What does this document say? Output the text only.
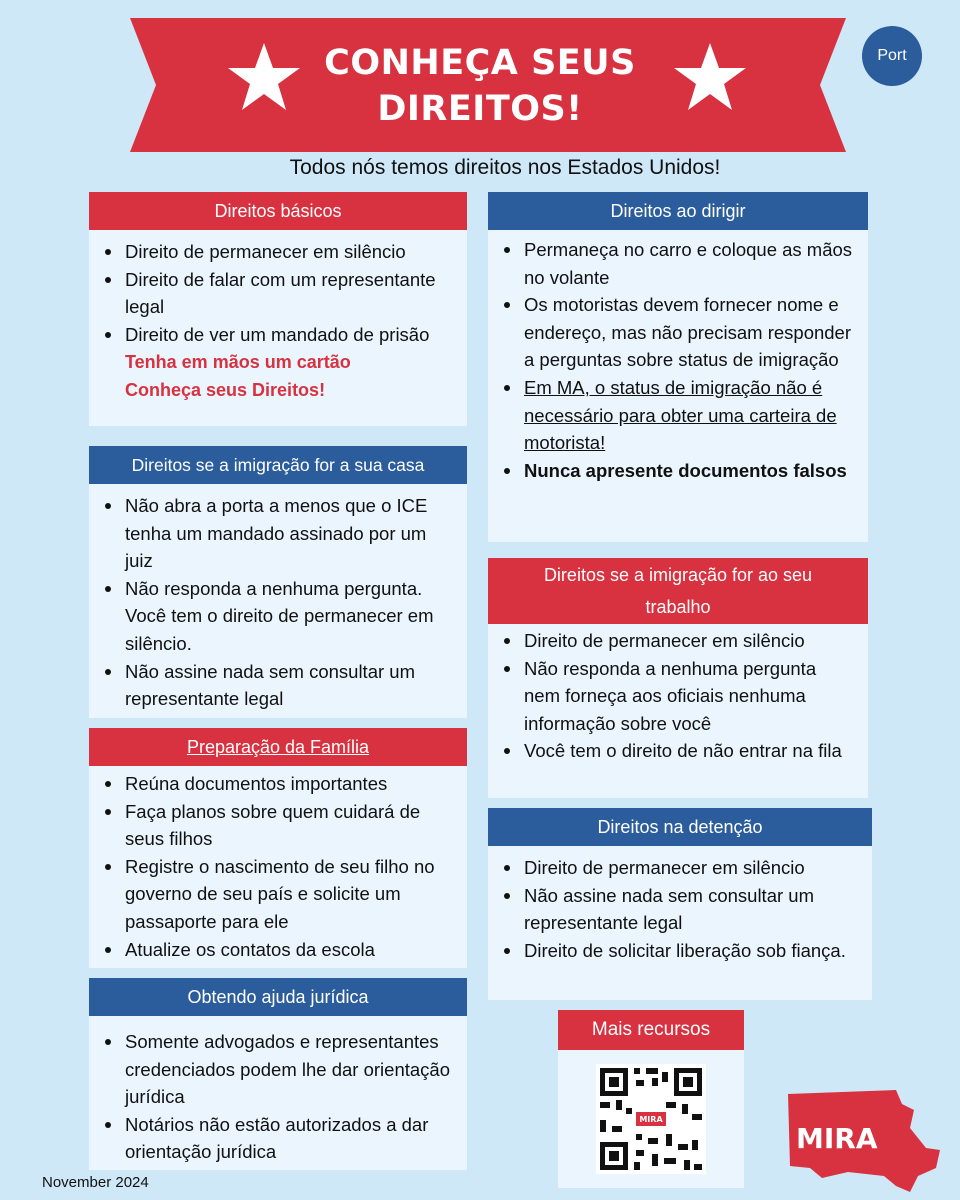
CONHEÇA SEUS
DIREITOS!
Port
Todos nós temos direitos nos Estados Unidos!
Direitos básicos
Direito de permanecer em silêncio
Direito de falar com um representante legal
Direito de ver um mandado de prisão
Tenha em mãos um cartão Conheça seus Direitos!
Direitos se a imigração for a sua casa
Não abra a porta a menos que o ICE tenha um mandado assinado por um juiz
Não responda a nenhuma pergunta. Você tem o direito de permanecer em silêncio.
Não assine nada sem consultar um representante legal
Preparação da Família
Reúna documentos importantes
Faça planos sobre quem cuidará de seus filhos
Registre o nascimento de seu filho no governo de seu país e solicite um passaporte para ele
Atualize os contatos da escola
Obtendo ajuda jurídica
Somente advogados e representantes credenciados podem lhe dar orientação jurídica
Notários não estão autorizados a dar orientação jurídica
Direitos ao dirigir
Permaneça no carro e coloque as mãos no volante
Os motoristas devem fornecer nome e endereço, mas não precisam responder a perguntas sobre status de imigração
Em MA, o status de imigração não é necessário para obter uma carteira de motorista!
Nunca apresente documentos falsos
Direitos se a imigração for ao seu trabalho
Direito de permanecer em silêncio
Não responda a nenhuma pergunta nem forneça aos oficiais nenhuma informação sobre você
Você tem o direito de não entrar na fila
Direitos na detenção
Direito de permanecer em silêncio
Não assine nada sem consultar um representante legal
Direito de solicitar liberação sob fiança.
Mais recursos
MIRA
MIRA
November 2024
